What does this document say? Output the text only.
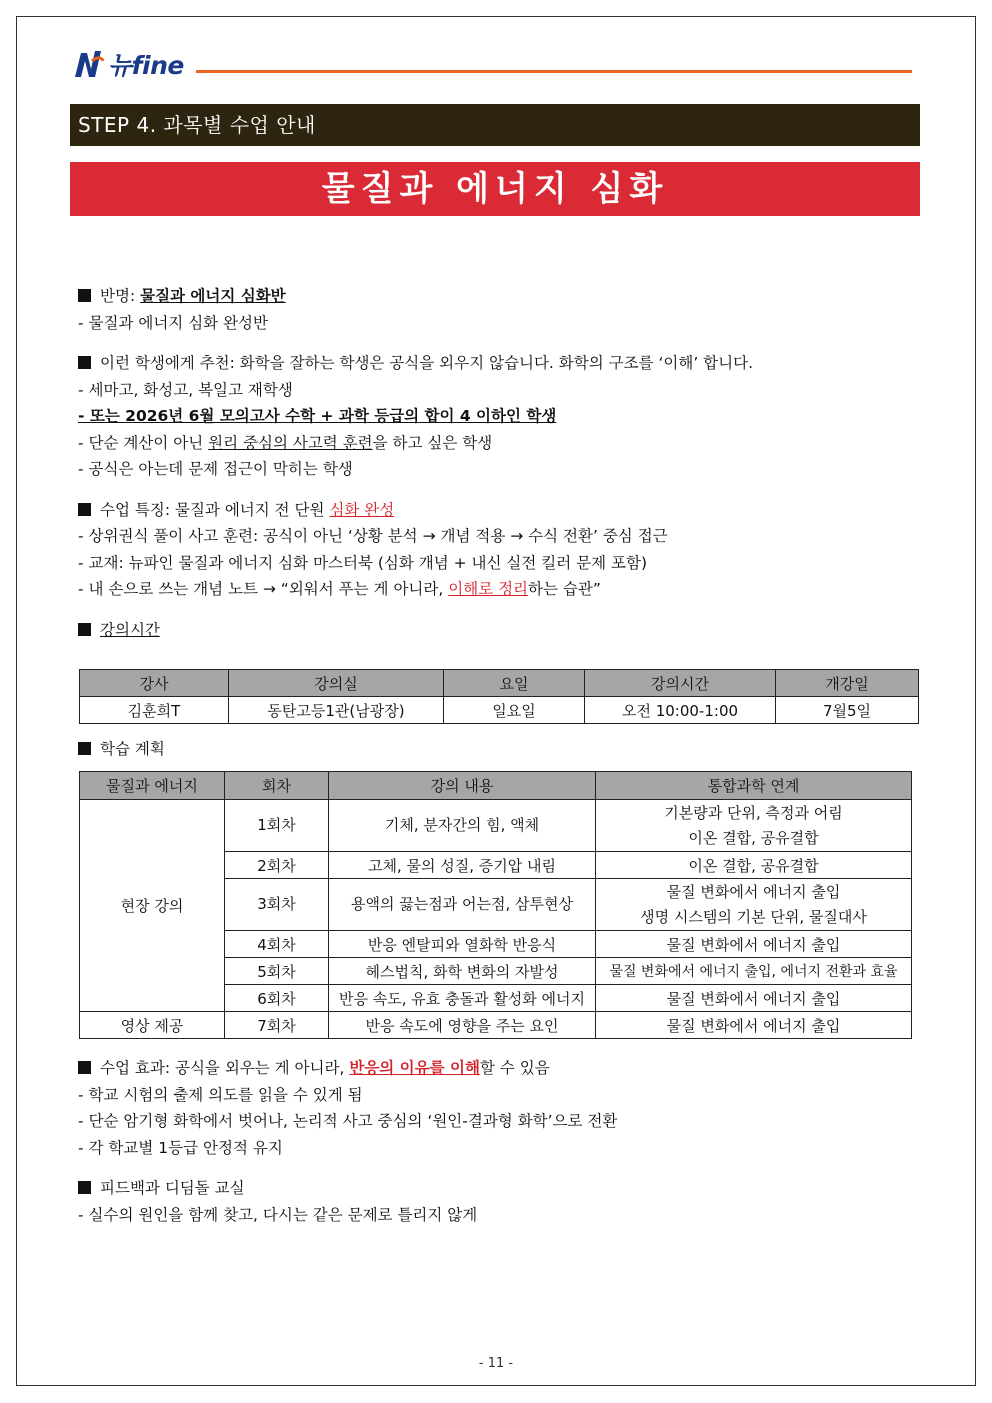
뉴fine
STEP 4. 과목별 수업 안내
물질과 에너지 심화
반명: 물질과 에너지 심화반
- 물질과 에너지 심화 완성반
이런 학생에게 추천: 화학을 잘하는 학생은 공식을 외우지 않습니다. 화학의 구조를 ‘이해’ 합니다.
- 세마고, 화성고, 복일고 재학생
- 또는 2026년 6월 모의고사 수학 + 과학 등급의 합이 4 이하인 학생
- 단순 계산이 아닌 원리 중심의 사고력 훈련을 하고 싶은 학생
- 공식은 아는데 문제 접근이 막히는 학생
수업 특징: 물질과 에너지 전 단원 심화 완성
- 상위권식 풀이 사고 훈련: 공식이 아닌 ‘상황 분석 → 개념 적용 → 수식 전환’ 중심 접근
- 교재: 뉴파인 물질과 에너지 심화 마스터북 (심화 개념 + 내신 실전 킬러 문제 포함)
- 내 손으로 쓰는 개념 노트 → “외워서 푸는 게 아니라, 이해로 정리하는 습관”
강의시간
강사	강의실	요일	강의시간	개강일
김훈희T	동탄고등1관(남광장)	일요일	오전 10:00-1:00	7월5일
학습 계획
물질과 에너지	회차	강의 내용	통합과학 연계
현장 강의	1회차	기체, 분자간의 힘, 액체	기본량과 단위, 측정과 어림
이온 결합, 공유결합

	2회차	고체, 물의 성질, 증기압 내림	이온 결합, 공유결합
	3회차	용액의 끓는점과 어는점, 삼투현상	물질 변화에서 에너지 출입
생명 시스템의 기본 단위, 물질대사

	4회차	반응 엔탈피와 열화학 반응식	물질 변화에서 에너지 출입
	5회차	헤스법칙, 화학 변화의 자발성	물질 변화에서 에너지 출입, 에너지 전환과 효율
	6회차	반응 속도, 유효 충돌과 활성화 에너지	물질 변화에서 에너지 출입
영상 제공	7회차	반응 속도에 영향을 주는 요인	물질 변화에서 에너지 출입
수업 효과: 공식을 외우는 게 아니라, 반응의 이유를 이해할 수 있음
- 학교 시험의 출제 의도를 읽을 수 있게 됨
- 단순 암기형 화학에서 벗어나, 논리적 사고 중심의 ‘원인-결과형 화학’으로 전환
- 각 학교별 1등급 안정적 유지
피드백과 디딤돌 교실
- 실수의 원인을 함께 찾고, 다시는 같은 문제로 틀리지 않게
- 11 -
